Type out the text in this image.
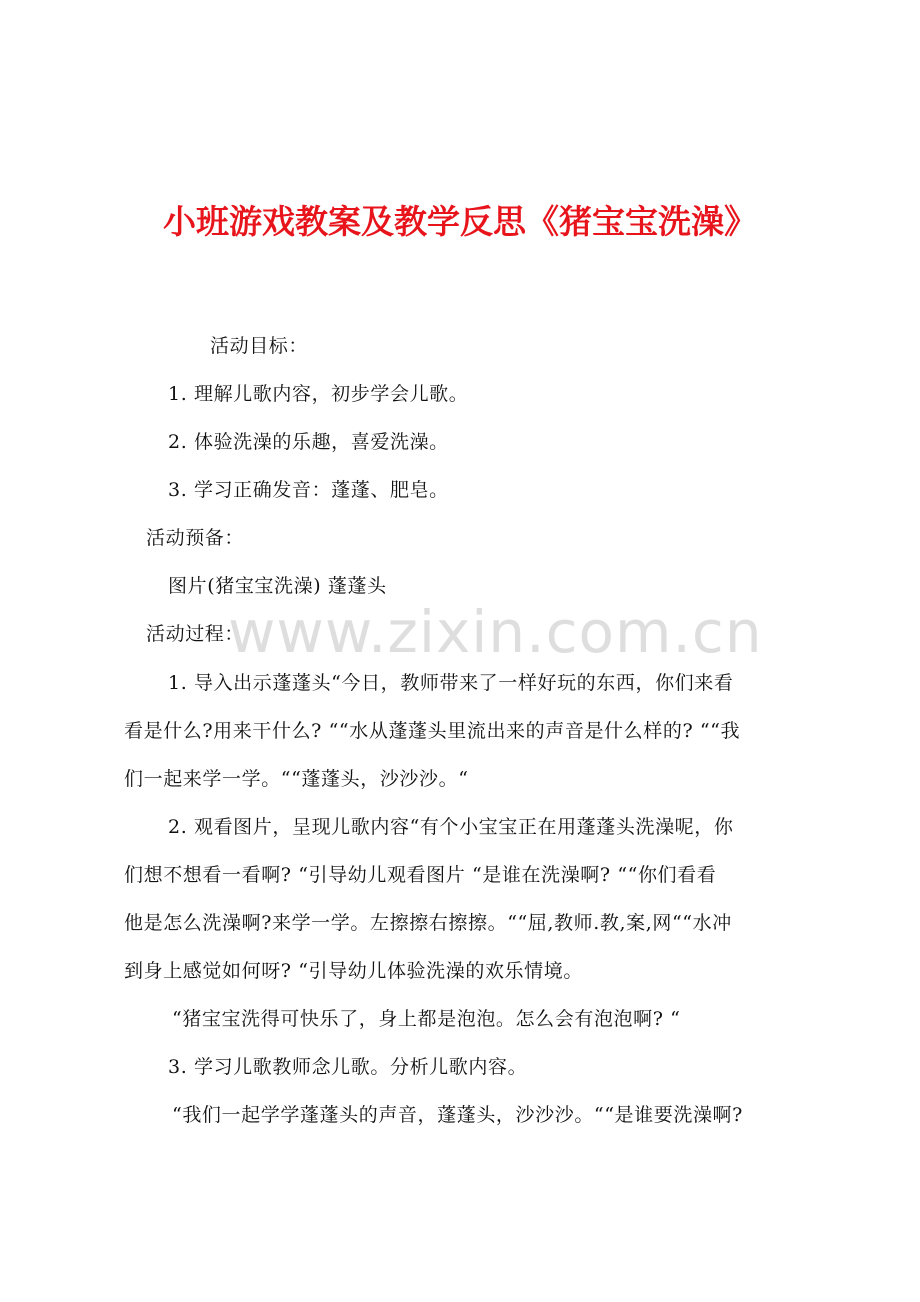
小班游戏教案及教学反思《猪宝宝洗澡》
活动目标：
1. 理解儿歌内容，初步学会儿歌。
2. 体验洗澡的乐趣，喜爱洗澡。
3. 学习正确发音：蓬蓬、肥皂。
活动预备：
图片(猪宝宝洗澡) 蓬蓬头
活动过程：
1. 导入出示蓬蓬头“今日，教师带来了一样好玩的东西，你们来看
看是什么?用来干什么? ““水从蓬蓬头里流出来的声音是什么样的? ““我
们一起来学一学。““蓬蓬头，沙沙沙。“
2. 观看图片，呈现儿歌内容“有个小宝宝正在用蓬蓬头洗澡呢，你
们想不想看一看啊? “引导幼儿观看图片 “是谁在洗澡啊? ““你们看看
他是怎么洗澡啊?来学一学。左擦擦右擦擦。““屈,教师.教,案,网““水冲
到身上感觉如何呀? “引导幼儿体验洗澡的欢乐情境。
“猪宝宝洗得可快乐了，身上都是泡泡。怎么会有泡泡啊? “
3. 学习儿歌教师念儿歌。分析儿歌内容。
“我们一起学学蓬蓬头的声音，蓬蓬头，沙沙沙。““是谁要洗澡啊?
www.zixin.com.cn
